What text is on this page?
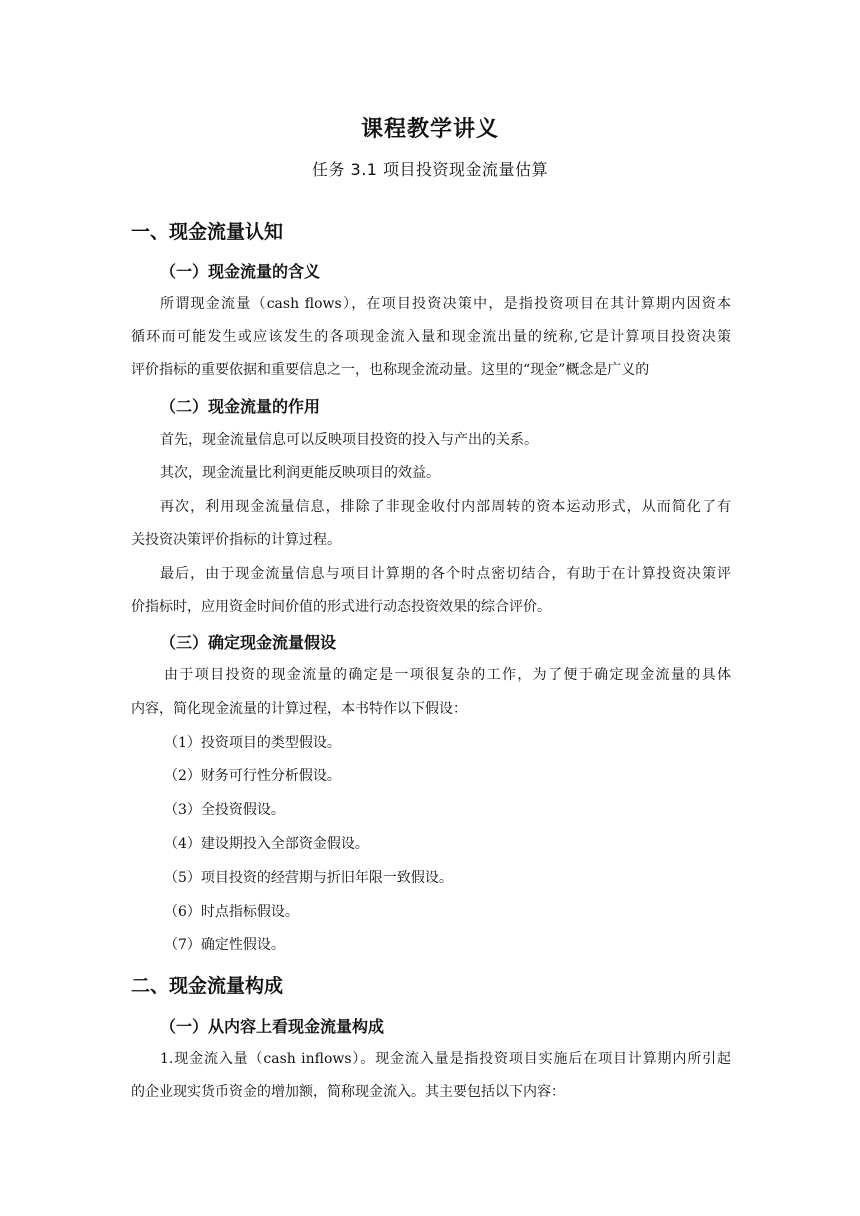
课程教学讲义
任务 3.1 项目投资现金流量估算
一、现金流量认知
（一）现金流量的含义
所谓现金流量（cash flows），在项目投资决策中，是指投资项目在其计算期内因资本
循环而可能发生或应该发生的各项现金流入量和现金流出量的统称,它是计算项目投资决策
评价指标的重要依据和重要信息之一，也称现金流动量。这里的“现金”概念是广义的
（二）现金流量的作用
首先，现金流量信息可以反映项目投资的投入与产出的关系。
其次，现金流量比利润更能反映项目的效益。
再次，利用现金流量信息，排除了非现金收付内部周转的资本运动形式，从而简化了有
关投资决策评价指标的计算过程。
最后，由于现金流量信息与项目计算期的各个时点密切结合，有助于在计算投资决策评
价指标时，应用资金时间价值的形式进行动态投资效果的综合评价。
（三）确定现金流量假设
由于项目投资的现金流量的确定是一项很复杂的工作，为了便于确定现金流量的具体
内容，简化现金流量的计算过程，本书特作以下假设：
（1）投资项目的类型假设。
（2）财务可行性分析假设。
（3）全投资假设。
（4）建设期投入全部资金假设。
（5）项目投资的经营期与折旧年限一致假设。
（6）时点指标假设。
（7）确定性假设。
二、现金流量构成
（一）从内容上看现金流量构成
1.现金流入量（cash inflows）。现金流入量是指投资项目实施后在项目计算期内所引起
的企业现实货币资金的增加额，简称现金流入。其主要包括以下内容：
